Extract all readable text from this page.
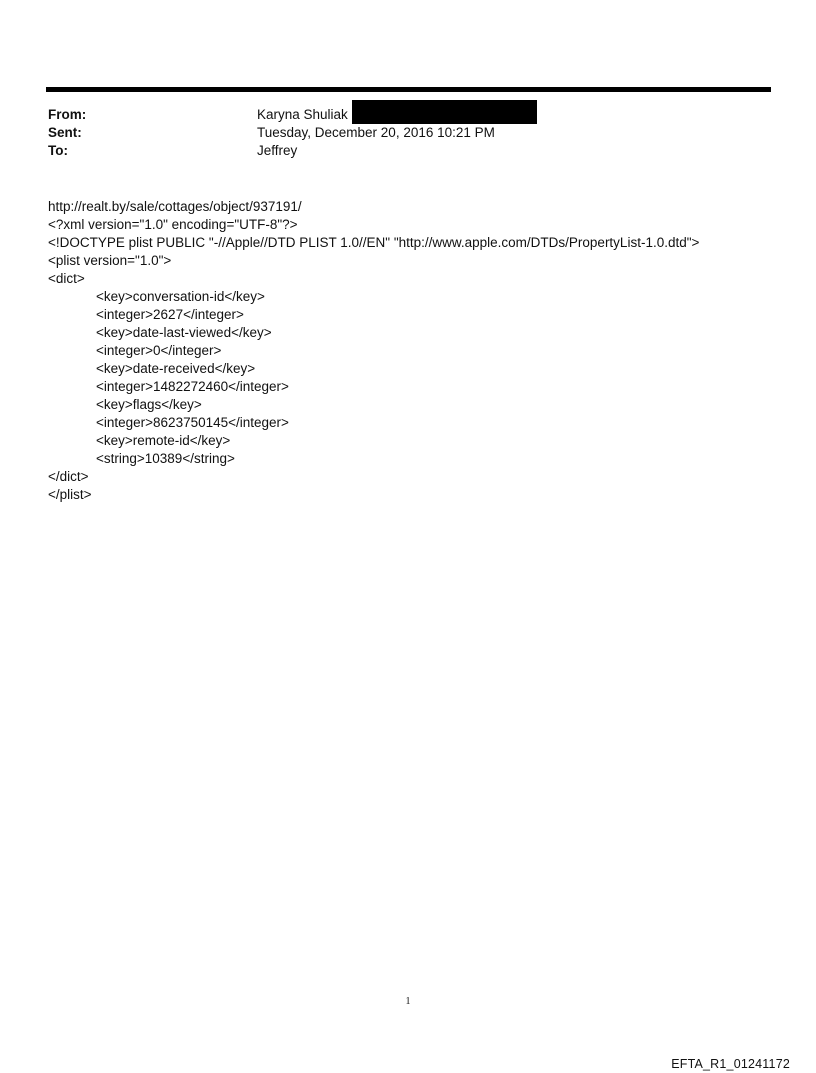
From:	Karyna Shuliak
Sent:	Tuesday, December 20, 2016 10:21 PM
To:	Jeffrey
http://realt.by/sale/cottages/object/937191/
<?xml version="1.0" encoding="UTF-8"?>
<!DOCTYPE plist PUBLIC "-//Apple//DTD PLIST 1.0//EN" "http://www.apple.com/DTDs/PropertyList-1.0.dtd">
<plist version="1.0">
<dict>
<key>conversation-id</key>
<integer>2627</integer>
<key>date-last-viewed</key>
<integer>0</integer>
<key>date-received</key>
<integer>1482272460</integer>
<key>flags</key>
<integer>8623750145</integer>
<key>remote-id</key>
<string>10389</string>
</dict>
</plist>
1
EFTA_R1_01241172
